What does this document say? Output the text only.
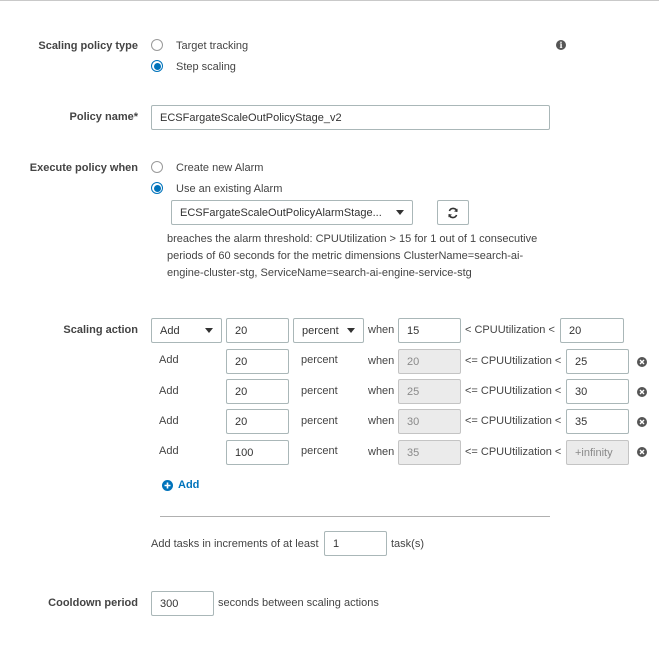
Scaling policy type	Target tracking
Step scaling
i
Policy name*	ECSFargateScaleOutPolicyStage_v2
Execute policy when	Create new Alarm
Use an existing Alarm
ECSFargateScaleOutPolicyAlarmStage...
breaches the alarm threshold: CPUUtilization > 15 for 1 out of 1 consecutive
periods of 60 seconds for the metric dimensions ClusterName=search-ai-
engine-cluster-stg, ServiceName=search-ai-engine-service-stg
Scaling action Add	20	percent	when	15	< CPUUtilization <	20
Add	20	percent	when	20	<= CPUUtilization <	25
Add	20	percent	when	25	<= CPUUtilization <	30
Add	20	percent	when	30	<= CPUUtilization <	35
Add	100	percent	when	35	<= CPUUtilization <	+infinity
Add
Add tasks in increments of at least	1	task(s)
Cooldown period	300	seconds between scaling actions
